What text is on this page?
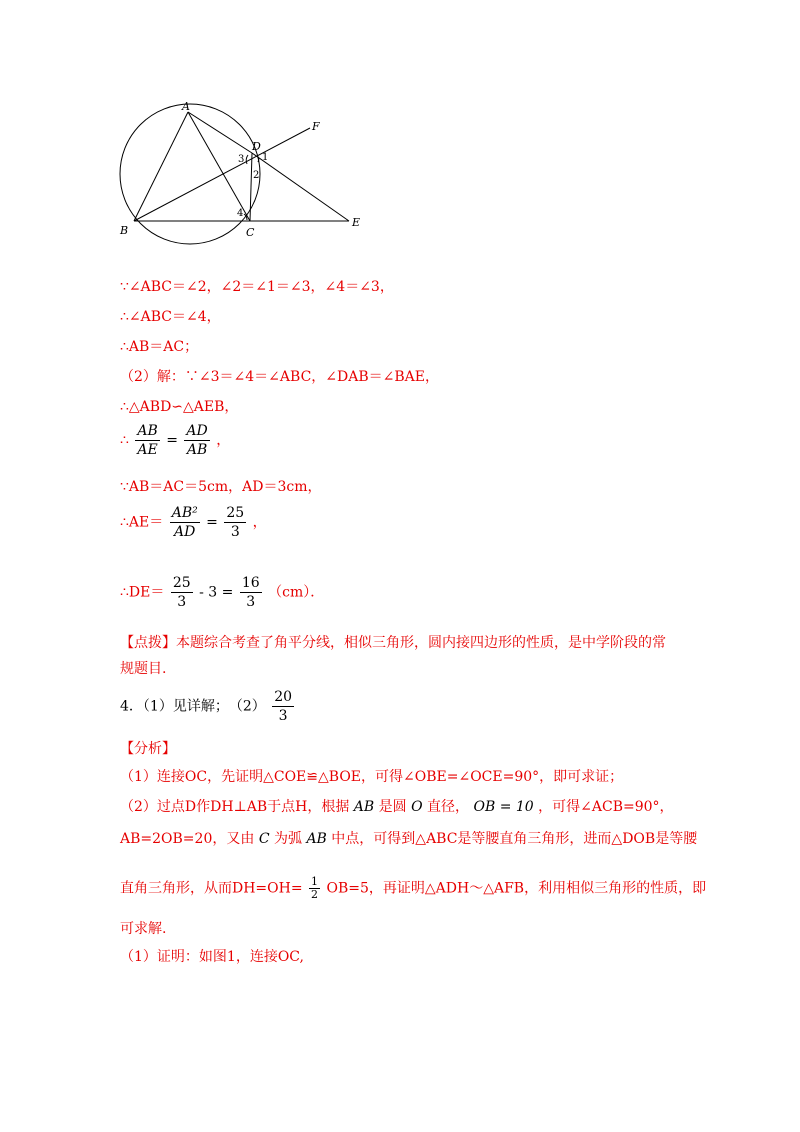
A
B	C
D
E
F
1
2
3
4
∵∠ABC＝∠2，∠2＝∠1＝∠3，∠4＝∠3，
∴∠ABC＝∠4，
∴AB＝AC；
（2）解：∵∠3＝∠4＝∠ABC，∠DAB＝∠BAE，
∴△ABD∽△AEB，
∴ $\frac{AB}{AE} = \frac{AD}{AB}$ ，
∵AB＝AC＝5cm，AD＝3cm，
∴AE＝ $\frac{\text{AB²}}{AD} = \frac{25}{3}$ ，
∴DE＝ $\frac{25}{3} - 3 = \frac{16}{3} (cm)$．
【点拨】本题综合考查了角平分线，相似三角形，圆内接四边形的性质，是中学阶段的常
规题目.
4．（1）见详解；　$(2) \frac{20}{3}$
【分析】
（1）连接OC，先证明△COE≌△BOE，可得∠OBE=∠OCE=90°，即可求证；
（2）过点D作DH⊥AB于点H，根据 AB 是圆 O 直径， OB = 10 ，可得∠ACB=90°，
AB=2OB=20，又由 C 为弧 AB 中点，可得到△ABC是等腰直角三角形，进而△DOB是等腰
直角三角形，从而$DH=OH= \frac{1}{2} OB=5$，再证明△ADH～△AFB，利用相似三角形的性质，即
可求解.
（1）证明：如图1，连接OC,
